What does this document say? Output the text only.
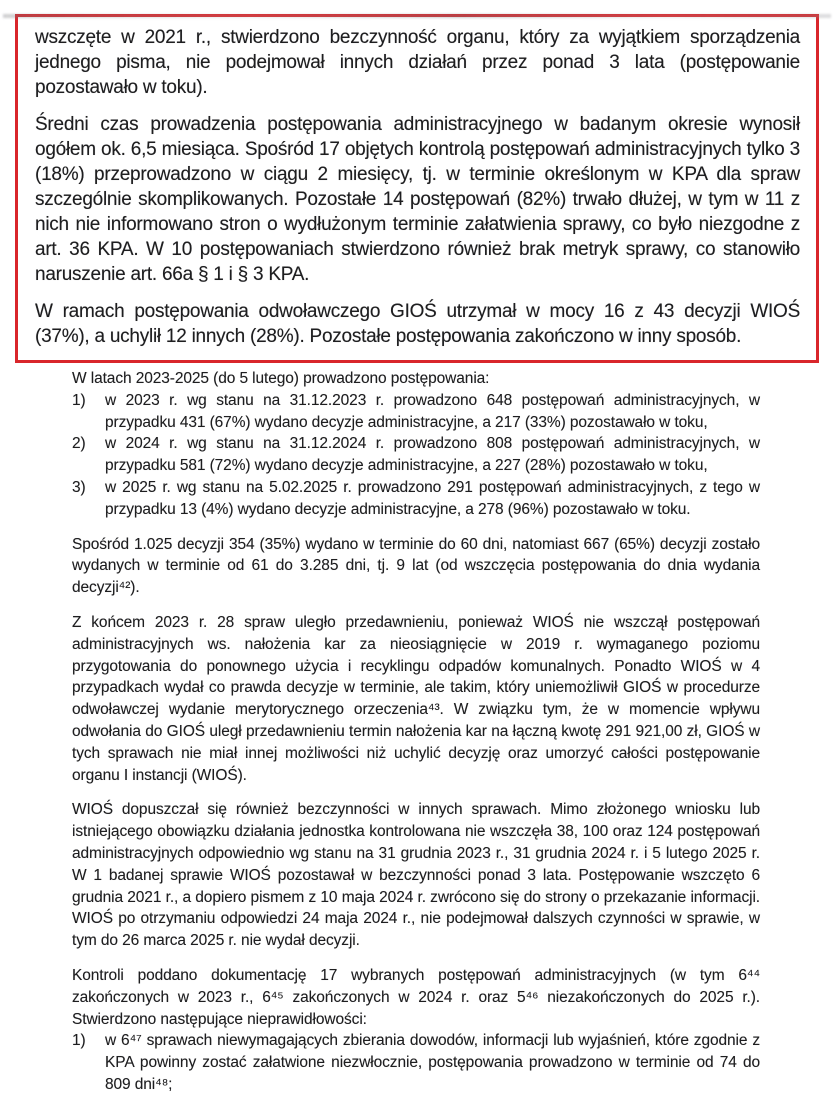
wszczęte w 2021 r., stwierdzono bezczynność organu, który za wyjątkiem sporządzenia jednego pisma, nie podejmował innych działań przez ponad 3 lata (postępowanie pozostawało w toku).

Średni czas prowadzenia postępowania administracyjnego w badanym okresie wynosił ogółem ok. 6,5 miesiąca. Spośród 17 objętych kontrolą postępowań administracyjnych tylko 3 (18%) przeprowadzono w ciągu 2 miesięcy, tj. w terminie określonym w KPA dla spraw szczególnie skomplikowanych. Pozostałe 14 postępowań (82%) trwało dłużej, w tym w 11 z nich nie informowano stron o wydłużonym terminie załatwienia sprawy, co było niezgodne z art. 36 KPA. W 10 postępowaniach stwierdzono również brak metryk sprawy, co stanowiło naruszenie art. 66a § 1 i § 3 KPA.

W ramach postępowania odwoławczego GIOŚ utrzymał w mocy 16 z 43 decyzji WIOŚ (37%), a uchylił 12 innych (28%). Pozostałe postępowania zakończono w inny sposób.

W latach 2023-2025 (do 5 lutego) prowadzono postępowania:

1)	w 2023 r. wg stanu na 31.12.2023 r. prowadzono 648 postępowań administracyjnych, w przypadku 431 (67%) wydano decyzje administracyjne, a 217 (33%) pozostawało w toku,
2)	w 2024 r. wg stanu na 31.12.2024 r. prowadzono 808 postępowań administracyjnych, w przypadku 581 (72%) wydano decyzje administracyjne, a 227 (28%) pozostawało w toku,
3)	w 2025 r. wg stanu na 5.02.2025 r. prowadzono 291 postępowań administracyjnych, z tego w przypadku 13 (4%) wydano decyzje administracyjne, a 278 (96%) pozostawało w toku.

Spośród 1.025 decyzji 354 (35%) wydano w terminie do 60 dni, natomiast 667 (65%) decyzji zostało wydanych w terminie od 61 do 3.285 dni, tj. 9 lat (od wszczęcia postępowania do dnia wydania decyzji⁴²).

Z końcem 2023 r. 28 spraw uległo przedawnieniu, ponieważ WIOŚ nie wszczął postępowań administracyjnych ws. nałożenia kar za nieosiągnięcie w 2019 r. wymaganego poziomu przygotowania do ponownego użycia i recyklingu odpadów komunalnych. Ponadto WIOŚ w 4 przypadkach wydał co prawda decyzje w terminie, ale takim, który uniemożliwił GIOŚ w procedurze odwoławczej wydanie merytorycznego orzeczenia⁴³. W związku tym, że w momencie wpływu odwołania do GIOŚ uległ przedawnieniu termin nałożenia kar na łączną kwotę 291 921,00 zł, GIOŚ w tych sprawach nie miał innej możliwości niż uchylić decyzję oraz umorzyć całości postępowanie organu I instancji (WIOŚ).

WIOŚ dopuszczał się również bezczynności w innych sprawach. Mimo złożonego wniosku lub istniejącego obowiązku działania jednostka kontrolowana nie wszczęła 38, 100 oraz 124 postępowań administracyjnych odpowiednio wg stanu na 31 grudnia 2023 r., 31 grudnia 2024 r. i 5 lutego 2025 r. W 1 badanej sprawie WIOŚ pozostawał w bezczynności ponad 3 lata. Postępowanie wszczęto 6 grudnia 2021 r., a dopiero pismem z 10 maja 2024 r. zwrócono się do strony o przekazanie informacji. WIOŚ po otrzymaniu odpowiedzi 24 maja 2024 r., nie podejmował dalszych czynności w sprawie, w tym do 26 marca 2025 r. nie wydał decyzji.

Kontroli poddano dokumentację 17 wybranych postępowań administracyjnych (w tym 6⁴⁴ zakończonych w 2023 r., 6⁴⁵ zakończonych w 2024 r. oraz 5⁴⁶ niezakończonych do 2025 r.). Stwierdzono następujące nieprawidłowości:

1)	w 6⁴⁷ sprawach niewymagających zbierania dowodów, informacji lub wyjaśnień, które zgodnie z KPA powinny zostać załatwione niezwłocznie, postępowania prowadzono w terminie od 74 do 809 dni⁴⁸;
